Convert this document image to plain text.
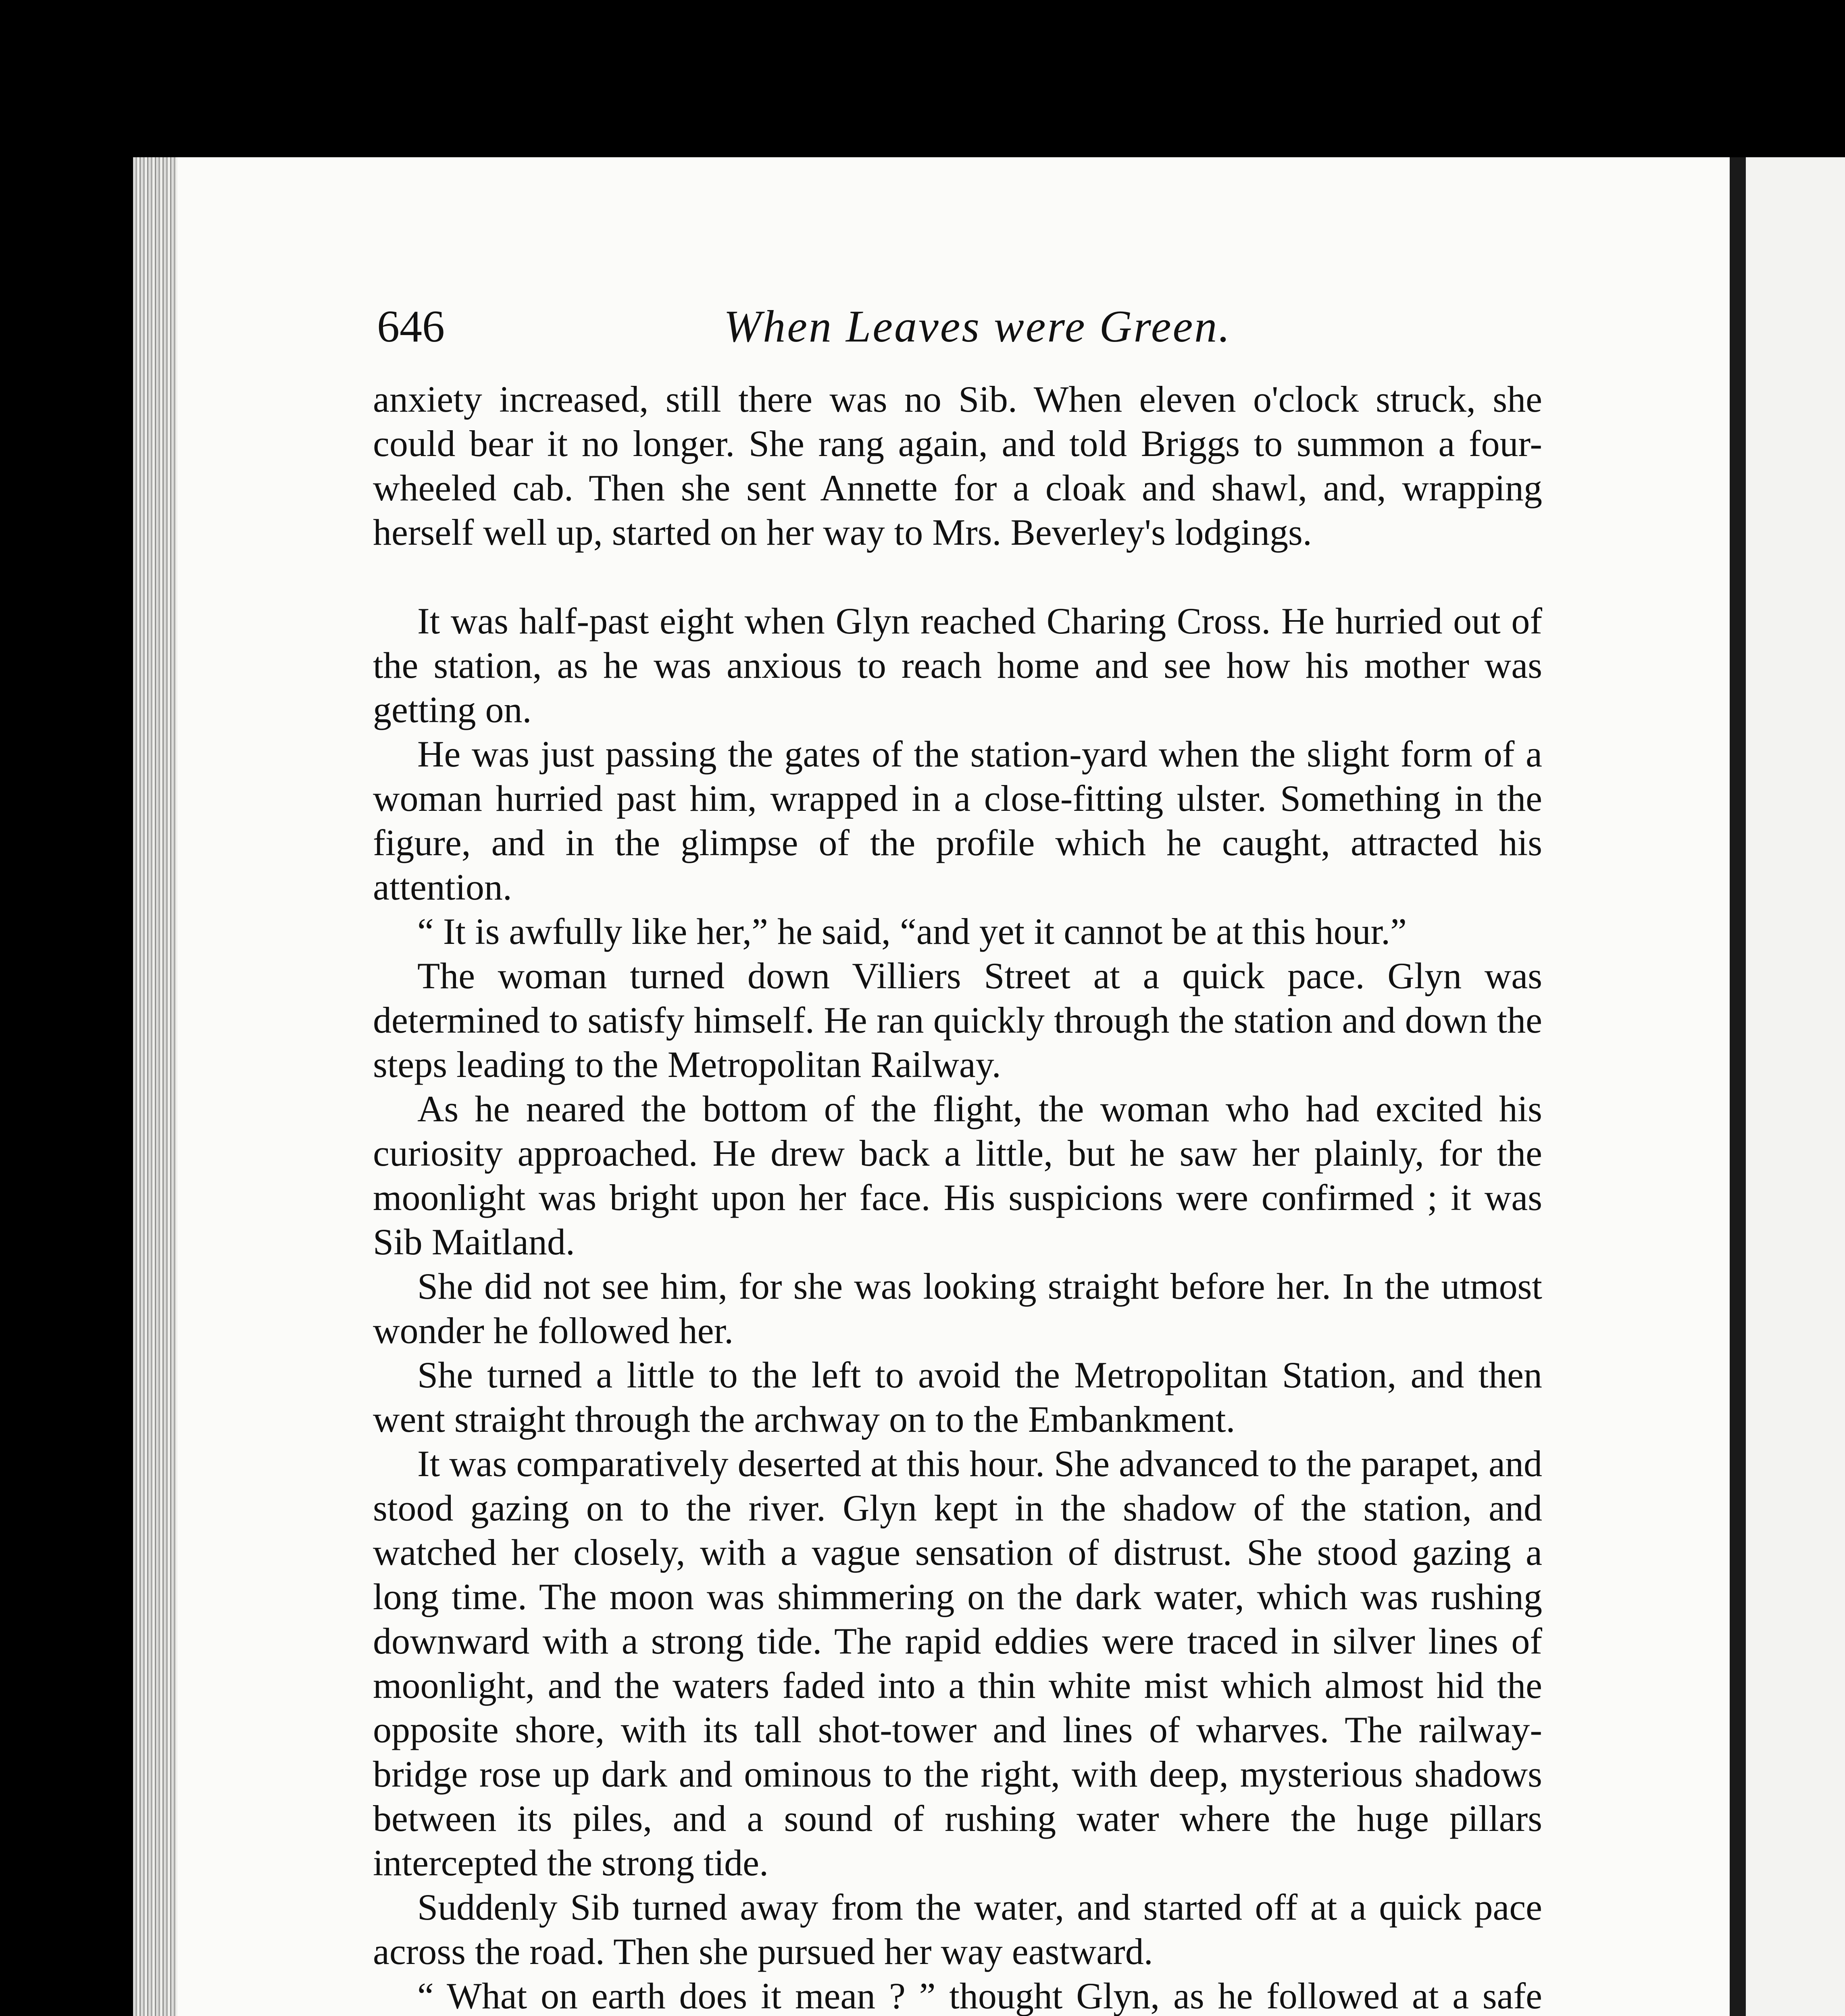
646	When Leaves were Green.

anxiety increased, still there was no Sib. When eleven o'clock struck, she could bear it no longer. She rang again, and told Briggs to summon a four-wheeled cab. Then she sent Annette for a cloak and shawl, and, wrapping herself well up, started on her way to Mrs. Beverley's lodgings.

It was half-past eight when Glyn reached Charing Cross. He hurried out of the station, as he was anxious to reach home and see how his mother was getting on.

He was just passing the gates of the station-yard when the slight form of a woman hurried past him, wrapped in a close-fitting ulster. Something in the figure, and in the glimpse of the profile which he caught, attracted his attention.

“ It is awfully like her,” he said, “and yet it cannot be at this hour.”

The woman turned down Villiers Street at a quick pace. Glyn was determined to satisfy himself. He ran quickly through the station and down the steps leading to the Metropolitan Railway.

As he neared the bottom of the flight, the woman who had excited his curiosity approached. He drew back a little, but he saw her plainly, for the moonlight was bright upon her face. His suspicions were confirmed ; it was Sib Maitland.

She did not see him, for she was looking straight before her. In the utmost wonder he followed her.

She turned a little to the left to avoid the Metropolitan Station, and then went straight through the archway on to the Embankment.

It was comparatively deserted at this hour. She advanced to the parapet, and stood gazing on to the river. Glyn kept in the shadow of the station, and watched her closely, with a vague sensation of distrust. She stood gazing a long time. The moon was shimmering on the dark water, which was rushing downward with a strong tide. The rapid eddies were traced in silver lines of moonlight, and the waters faded into a thin white mist which almost hid the opposite shore, with its tall shot-tower and lines of wharves. The railway-bridge rose up dark and ominous to the right, with deep, mysterious shadows between its piles, and a sound of rushing water where the huge pillars intercepted the strong tide.

Suddenly Sib turned away from the water, and started off at a quick pace across the road. Then she pursued her way eastward.

“ What on earth does it mean ? ” thought Glyn, as he followed at a safe
